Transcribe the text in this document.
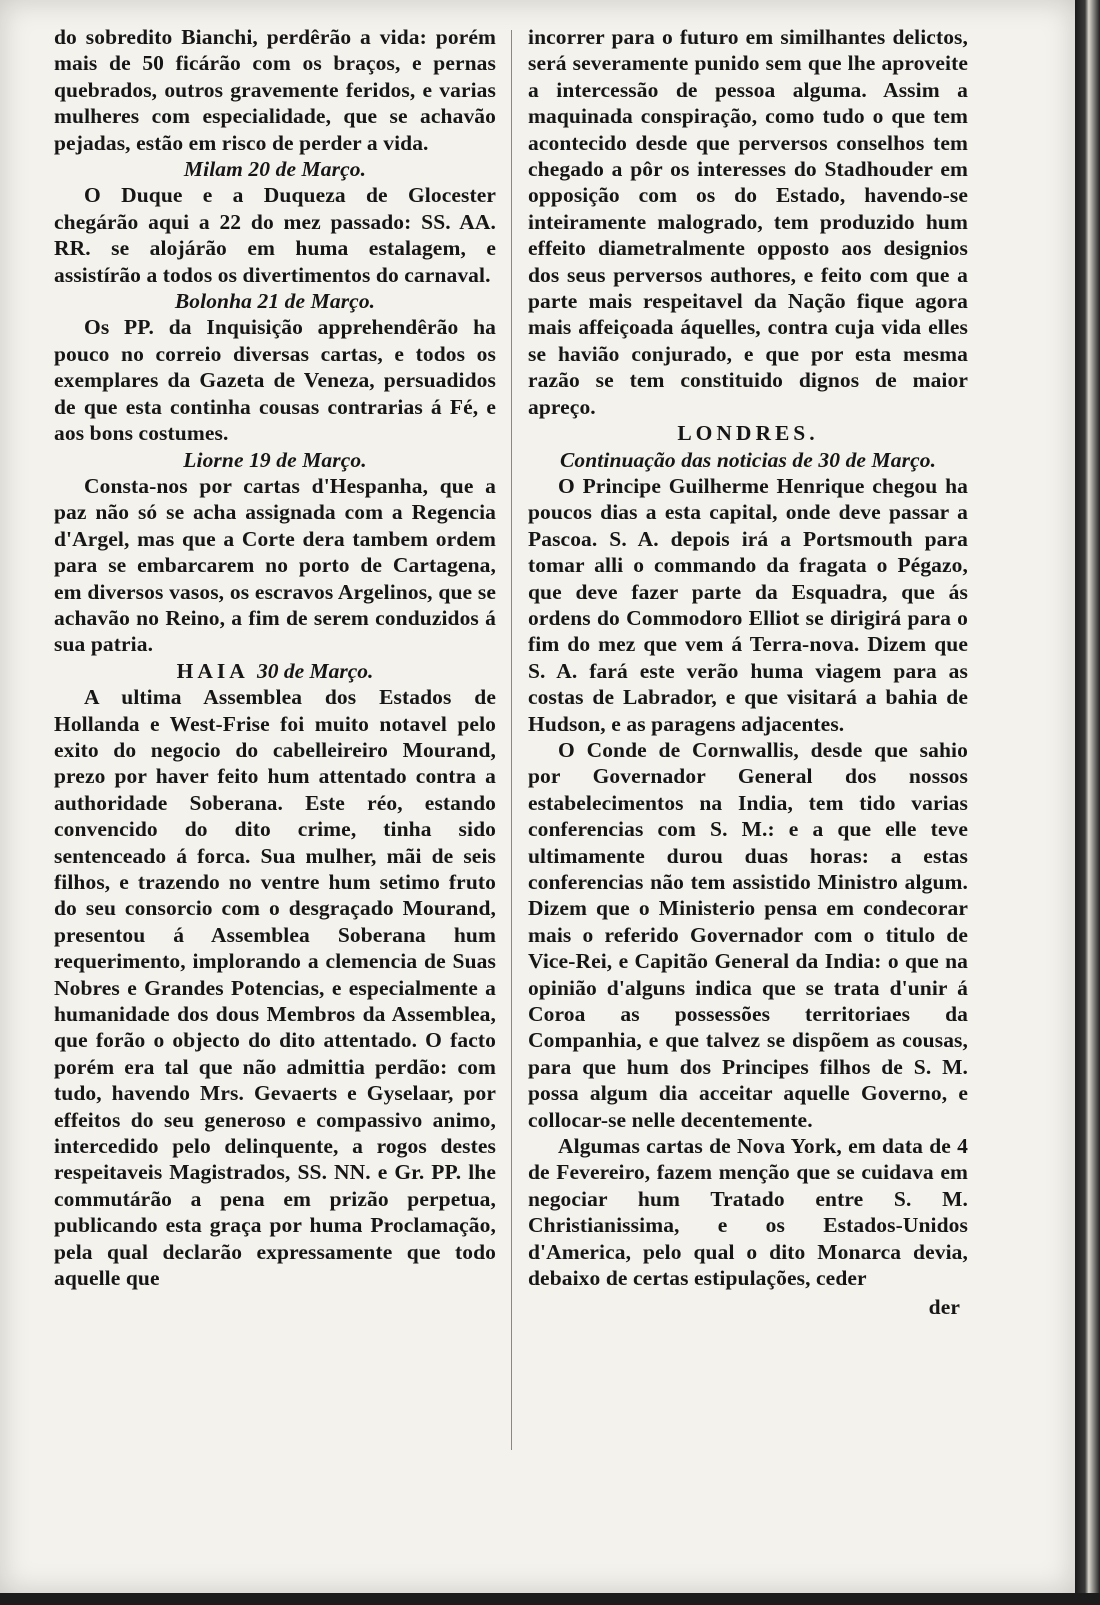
do sobredito Bianchi, perdêrão a vida: porém mais de 50 ficárão com os braços, e pernas quebrados, outros gravemente feridos, e varias mulheres com especialidade, que se achavão pejadas, estão em risco de perder a vida.

Milam 20 de Março.

O Duque e a Duqueza de Glocester chegárão aqui a 22 do mez passado: SS. AA. RR. se alojárão em huma estalagem, e assistírão a todos os divertimentos do carnaval.

Bolonha 21 de Março.

Os PP. da Inquisição apprehendêrão ha pouco no correio diversas cartas, e todos os exemplares da Gazeta de Veneza, persuadidos de que esta continha cousas contrarias á Fé, e aos bons costumes.

Liorne 19 de Março.

Consta-nos por cartas d'Hespanha, que a paz não só se acha assignada com a Regencia d'Argel, mas que a Corte dera tambem ordem para se embarcarem no porto de Cartagena, em diversos vasos, os escravos Argelinos, que se achavão no Reino, a fim de serem conduzidos á sua patria.

HAIA 30 de Março.

A ultima Assemblea dos Estados de Hollanda e West-Frise foi muito notavel pelo exito do negocio do cabelleireiro Mourand, prezo por haver feito hum attentado contra a authoridade Soberana. Este réo, estando convencido do dito crime, tinha sido sentenceado á forca. Sua mulher, mãi de seis filhos, e trazendo no ventre hum setimo fruto do seu consorcio com o desgraçado Mourand, presentou á Assemblea Soberana hum requerimento, implorando a clemencia de Suas Nobres e Grandes Potencias, e especialmente a humanidade dos dous Membros da Assemblea, que forão o objecto do dito attentado. O facto porém era tal que não admittia perdão: com tudo, havendo Mrs. Gevaerts e Gyselaar, por effeitos do seu generoso e compassivo animo, intercedido pelo delinquente, a rogos destes respeitaveis Magistrados, SS. NN. e Gr. PP. lhe commutárão a pena em prizão perpetua, publicando esta graça por huma Proclamação, pela qual declarão expressamente que todo aquelle que

incorrer para o futuro em similhantes delictos, será severamente punido sem que lhe aproveite a intercessão de pessoa alguma. Assim a maquinada conspiração, como tudo o que tem acontecido desde que perversos conselhos tem chegado a pôr os interesses do Stadhouder em opposição com os do Estado, havendo-se inteiramente malogrado, tem produzido hum effeito diametralmente opposto aos designios dos seus perversos authores, e feito com que a parte mais respeitavel da Nação fique agora mais affeiçoada áquelles, contra cuja vida elles se havião conjurado, e que por esta mesma razão se tem constituido dignos de maior apreço.

LONDRES.

Continuação das noticias de 30 de Março.

O Principe Guilherme Henrique chegou ha poucos dias a esta capital, onde deve passar a Pascoa. S. A. depois irá a Portsmouth para tomar alli o commando da fragata o Pégazo, que deve fazer parte da Esquadra, que ás ordens do Commodoro Elliot se dirigirá para o fim do mez que vem á Terra-nova. Dizem que S. A. fará este verão huma viagem para as costas de Labrador, e que visitará a bahia de Hudson, e as paragens adjacentes.

O Conde de Cornwallis, desde que sahio por Governador General dos nossos estabelecimentos na India, tem tido varias conferencias com S. M.: e a que elle teve ultimamente durou duas horas: a estas conferencias não tem assistido Ministro algum. Dizem que o Ministerio pensa em condecorar mais o referido Governador com o titulo de Vice-Rei, e Capitão General da India: o que na opinião d'alguns indica que se trata d'unir á Coroa as possessões territoriaes da Companhia, e que talvez se dispõem as cousas, para que hum dos Principes filhos de S. M. possa algum dia acceitar aquelle Governo, e collocar-se nelle decentemente.

Algumas cartas de Nova York, em data de 4 de Fevereiro, fazem menção que se cuidava em negociar hum Tratado entre S. M. Christianissima, e os Estados-Unidos d'America, pelo qual o dito Monarca devia, debaixo de certas estipulações, ceder

der
